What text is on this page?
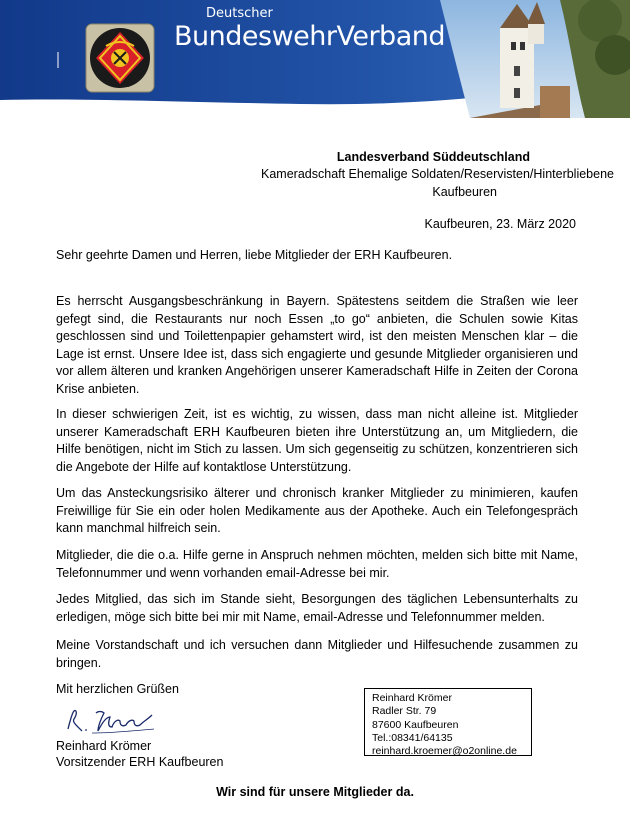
Deutscher
BundeswehrVerband
Landesverband Süddeutschland
Kameradschaft Ehemalige Soldaten/Reservisten/Hinterbliebene
Kaufbeuren
Kaufbeuren, 23. März 2020
Sehr geehrte Damen und Herren, liebe Mitglieder der ERH Kaufbeuren.
Es herrscht Ausgangsbeschränkung in Bayern. Spätestens seitdem die Straßen wie leer gefegt sind, die Restaurants nur noch Essen „to go“ anbieten, die Schulen sowie Kitas geschlossen sind und Toilettenpapier gehamstert wird, ist den meisten Menschen klar – die Lage ist ernst. Unsere Idee ist, dass sich engagierte und gesunde Mitglieder organisieren und vor allem älteren und kranken Angehörigen unserer Kameradschaft Hilfe in Zeiten der Corona Krise anbieten.
In dieser schwierigen Zeit, ist es wichtig, zu wissen, dass man nicht alleine ist. Mitglieder unserer Kameradschaft ERH Kaufbeuren bieten ihre Unterstützung an, um Mitgliedern, die Hilfe benötigen, nicht im Stich zu lassen. Um sich gegenseitig zu schützen, konzentrieren sich die Angebote der Hilfe auf kontaktlose Unterstützung.
Um das Ansteckungsrisiko älterer und chronisch kranker Mitglieder zu minimieren, kaufen Freiwillige für Sie ein oder holen Medikamente aus der Apotheke. Auch ein Telefongespräch kann manchmal hilfreich sein.
Mitglieder, die die o.a. Hilfe gerne in Anspruch nehmen möchten, melden sich bitte mit Name, Telefonnummer und wenn vorhanden email-Adresse bei mir.
Jedes Mitglied, das sich im Stande sieht, Besorgungen des täglichen Lebensunterhalts zu erledigen, möge sich bitte bei mir mit Name, email-Adresse und Telefonnummer melden.
Meine Vorstandschaft und ich versuchen dann Mitglieder und Hilfesuchende zusammen zu bringen.
Mit herzlichen Grüßen
Reinhard Krömer
Vorsitzender ERH Kaufbeuren
Reinhard Krömer
Radler Str. 79
87600 Kaufbeuren
Tel.:08341/64135
reinhard.kroemer@o2online.de
Wir sind für unsere Mitglieder da.
